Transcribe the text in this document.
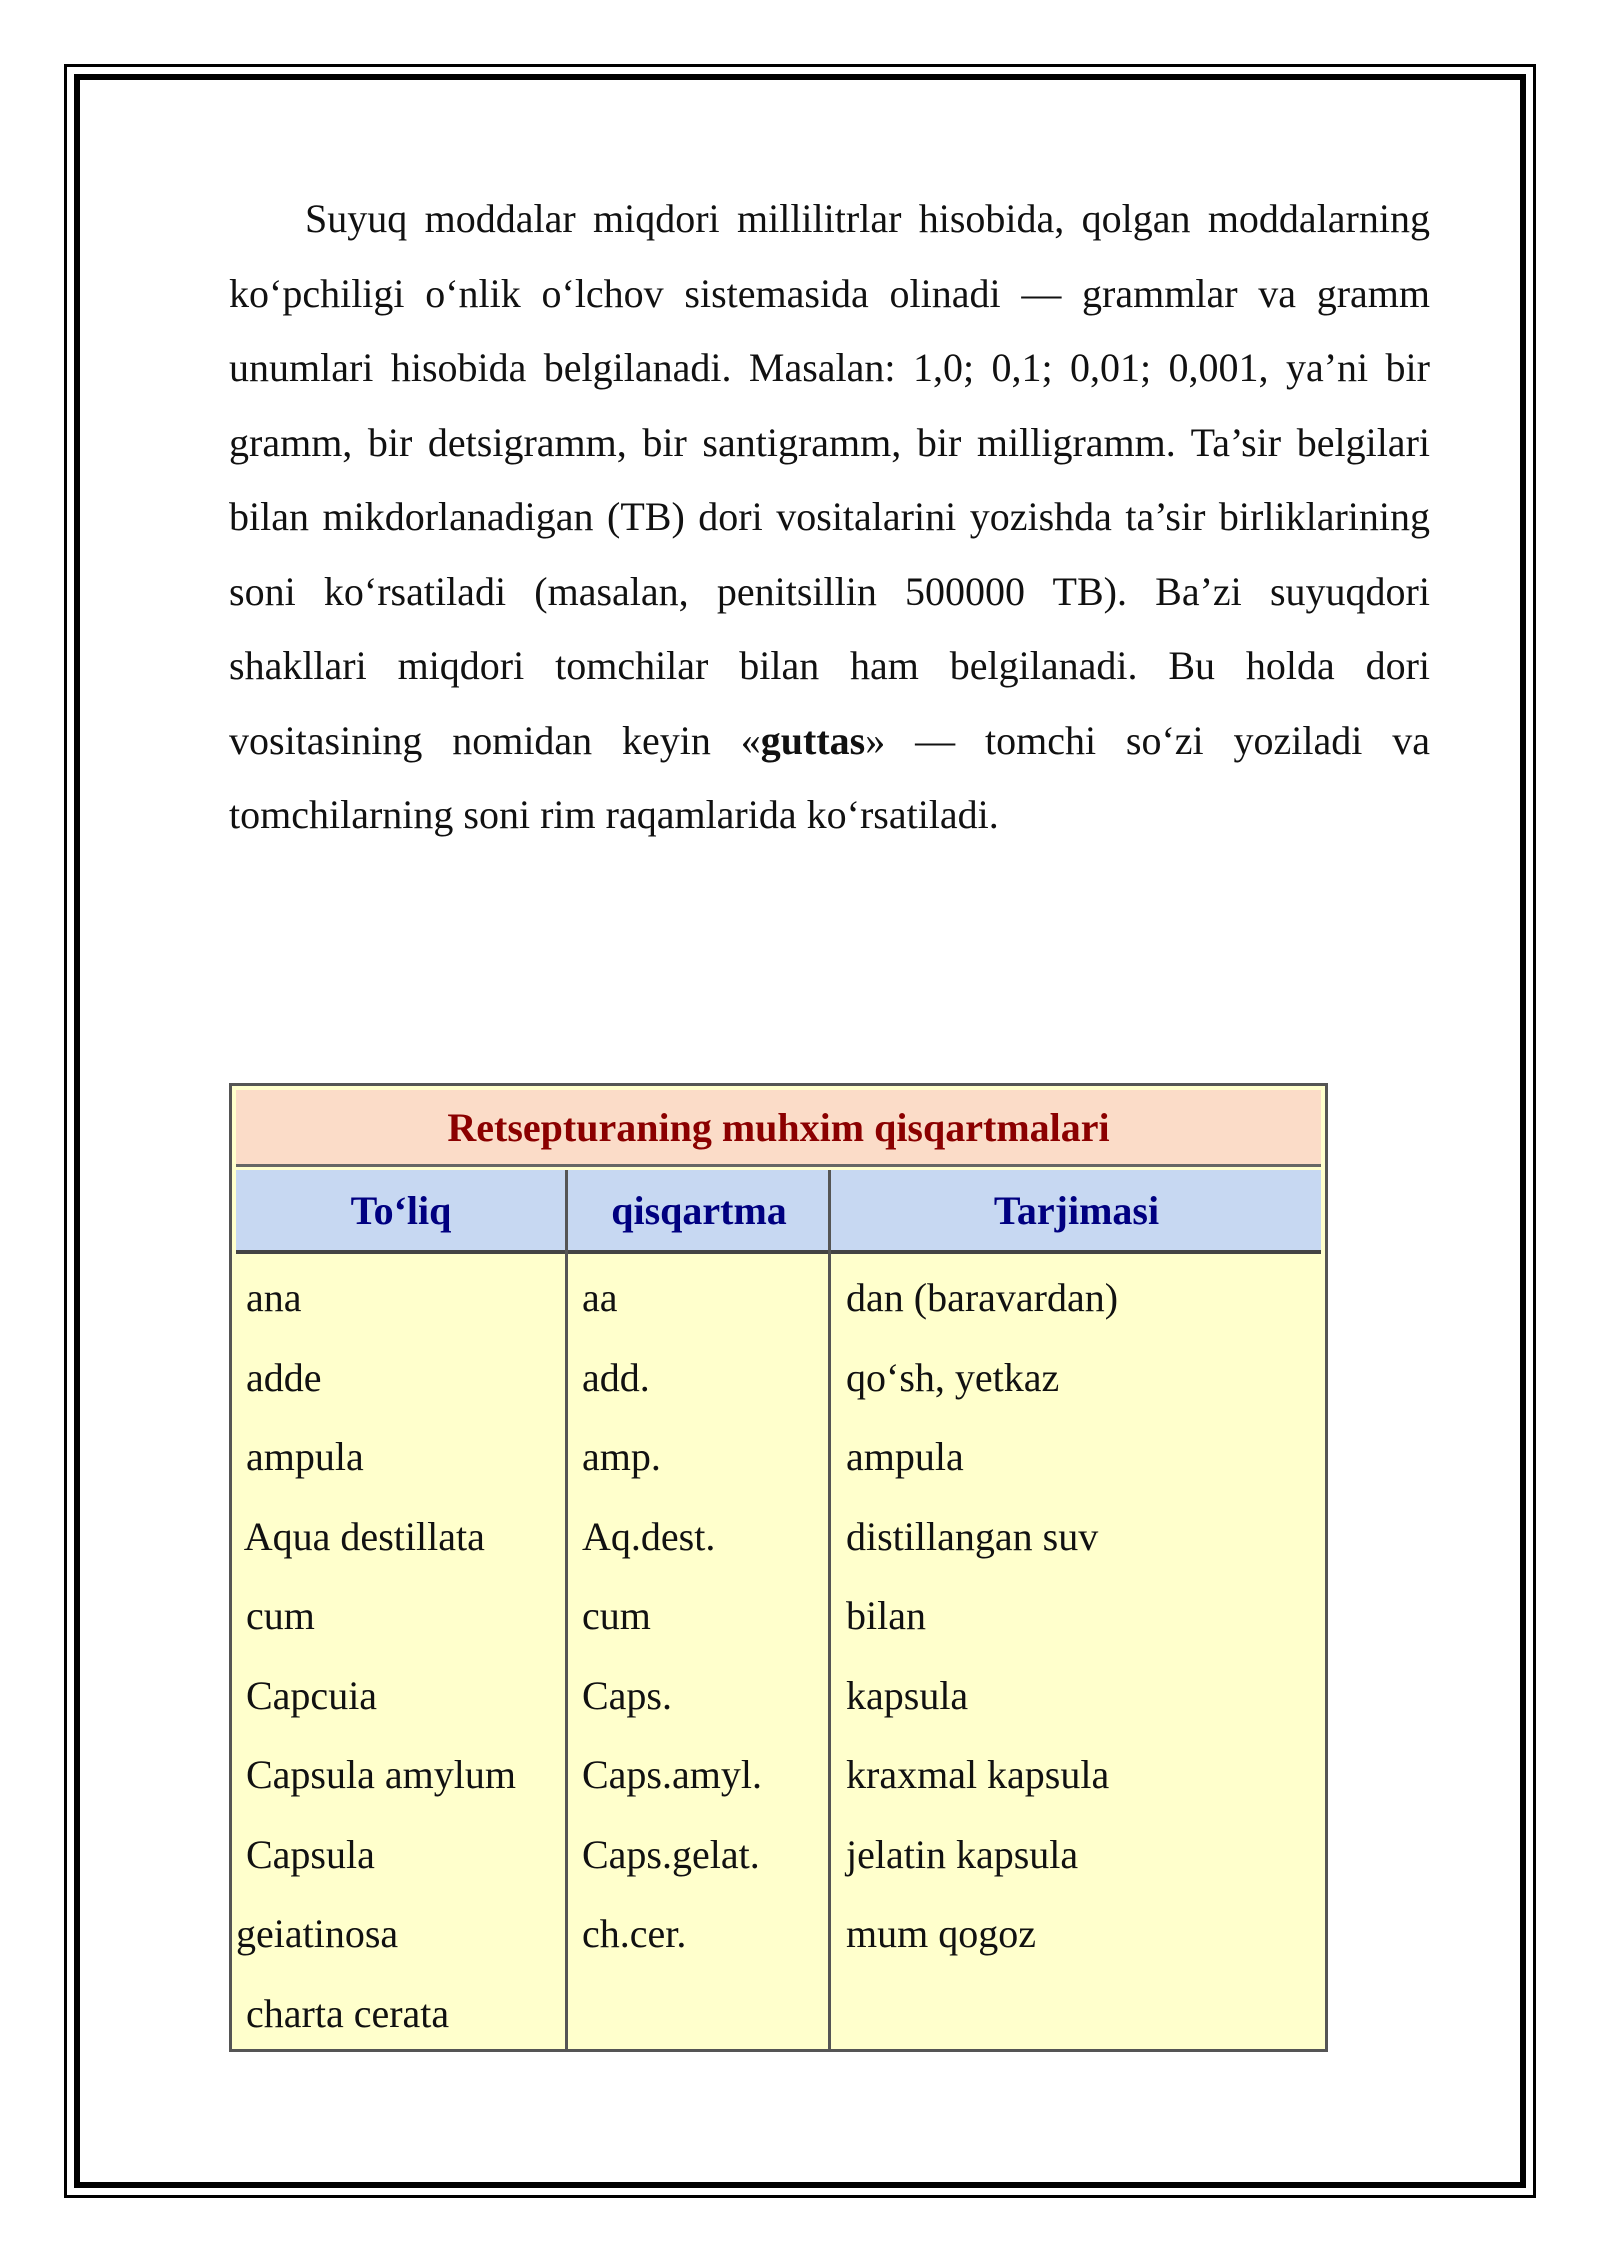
Suyuq moddalar miqdori millilitrlar hisobida, qolgan moddalarning ko‘pchiligi o‘nlik o‘lchov sistemasida olinadi — grammlar va gramm unumlari hisobida belgilanadi. Masalan: 1,0; 0,1; 0,01; 0,001, ya’ni bir gramm, bir detsigramm, bir santigramm, bir milligramm. Ta’sir belgilari bilan mikdorlanadigan (TB) dori vositalarini yozishda ta’sir birliklarining soni ko‘rsatiladi (masalan, penitsillin 500000 TB). Ba’zi suyuqdori shakllari miqdori tomchilar bilan ham belgilanadi. Bu holda dori vositasining nomidan keyin «guttas» — tomchi so‘zi yoziladi va tomchilarning soni rim raqamlarida ko‘rsatiladi.

Retsepturaning muhxim qisqartmalari
To‘liq	qisqartma	Tarjimasi
ana
adde
ampula
Aqua destillata
cum
Capcuia
Capsula amylum
Capsula
geiatinosa
charta cerata
aa
add.
amp.
Aq.dest.
cum
Caps.
Caps.amyl.
Caps.gelat.
ch.cer.
dan (baravardan)
qo‘sh, yetkaz
ampula
distillangan suv
bilan
kapsula
kraxmal kapsula
jelatin kapsula
mum qogoz
